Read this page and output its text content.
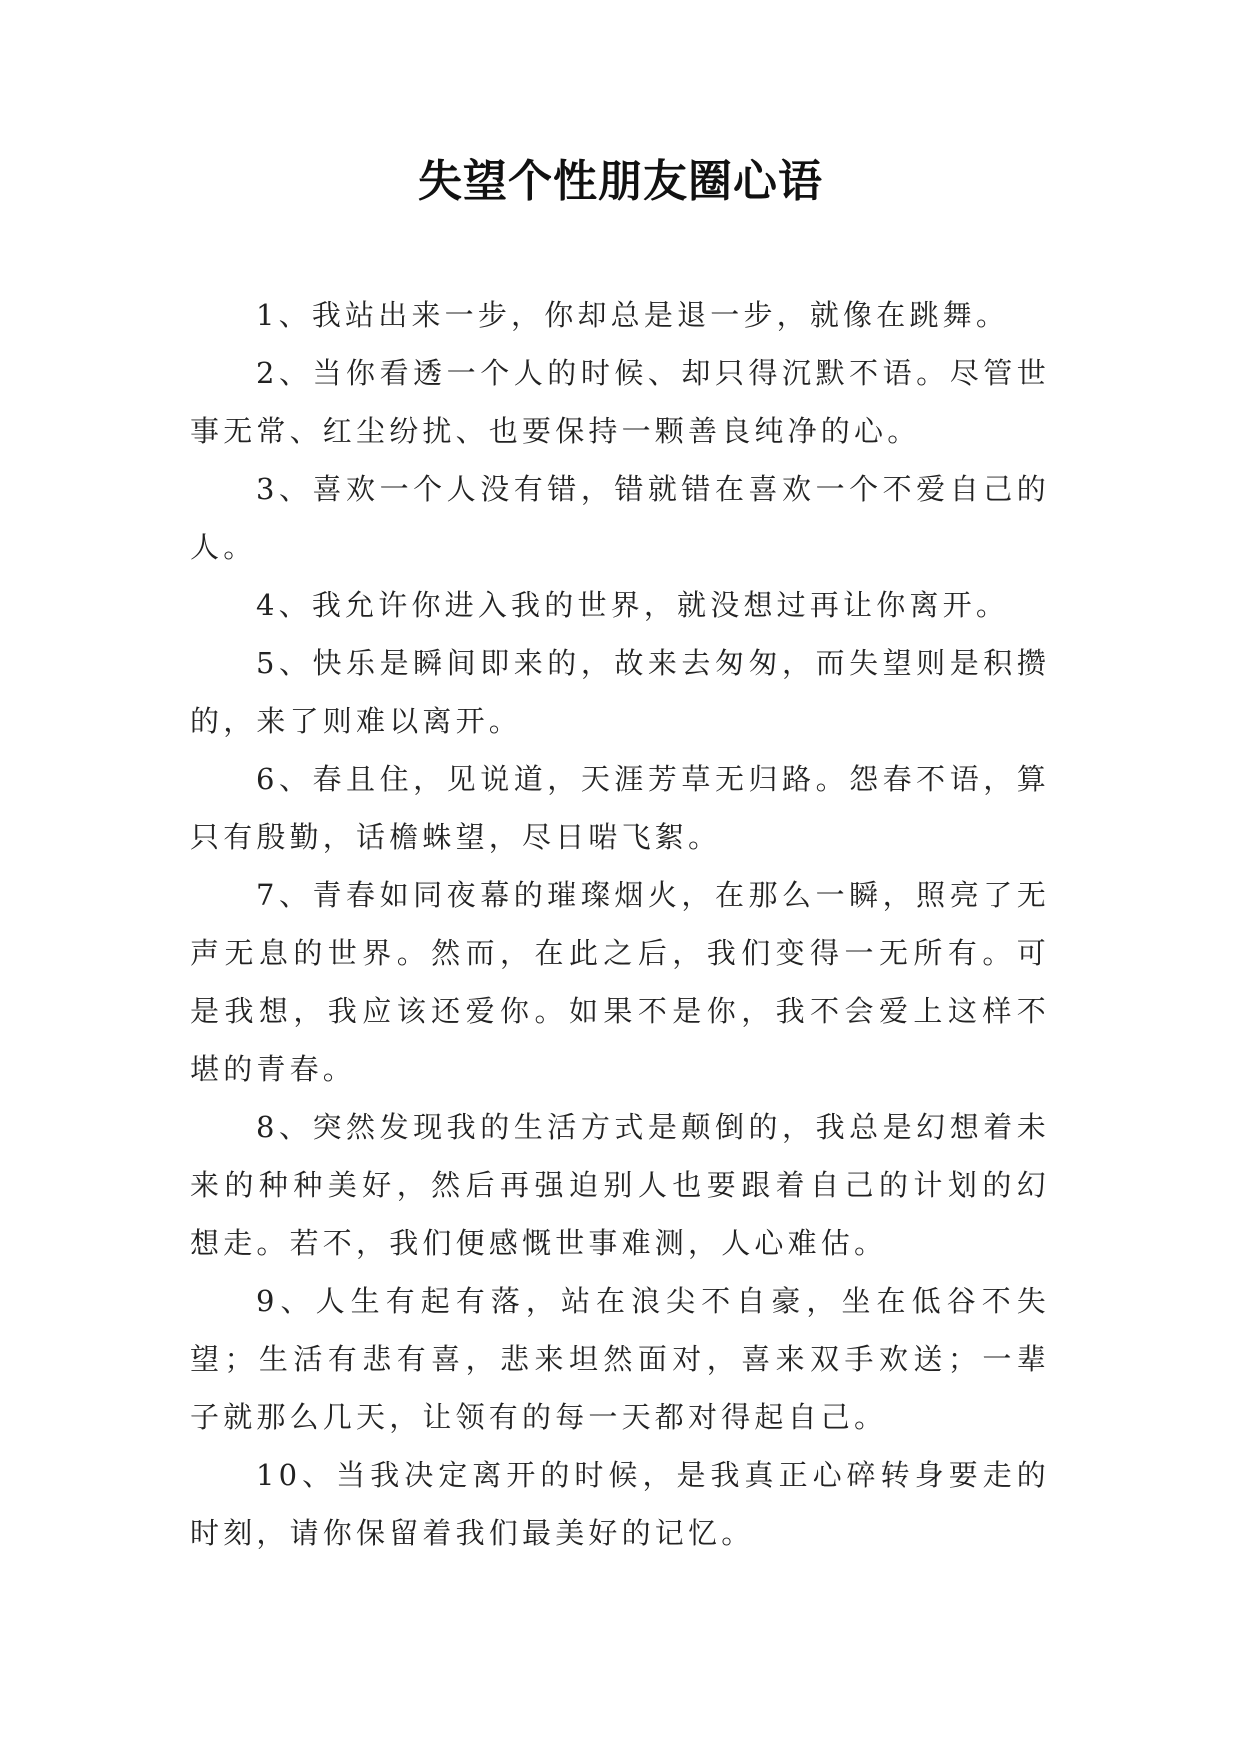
失望个性朋友圈心语

1、我站出来一步，你却总是退一步，就像在跳舞。

2、当你看透一个人的时候、却只得沉默不语。尽管世事无常、红尘纷扰、也要保持一颗善良纯净的心。

3、喜欢一个人没有错，错就错在喜欢一个不爱自己的人。

4、我允许你进入我的世界，就没想过再让你离开。

5、快乐是瞬间即来的，故来去匆匆，而失望则是积攒的，来了则难以离开。

6、春且住，见说道，天涯芳草无归路。怨春不语，算只有殷勤，话檐蛛望，尽日啱飞絮。

7、青春如同夜幕的璀璨烟火，在那么一瞬，照亮了无声无息的世界。然而，在此之后，我们变得一无所有。可是我想，我应该还爱你。如果不是你，我不会爱上这样不堪的青春。

8、突然发现我的生活方式是颠倒的，我总是幻想着未来的种种美好，然后再强迫别人也要跟着自己的计划的幻想走。若不，我们便感慨世事难测，人心难估。

9、人生有起有落，站在浪尖不自豪，坐在低谷不失望；生活有悲有喜，悲来坦然面对，喜来双手欢送；一辈子就那么几天，让领有的每一天都对得起自己。

10、当我决定离开的时候，是我真正心碎转身要走的时刻，请你保留着我们最美好的记忆。
